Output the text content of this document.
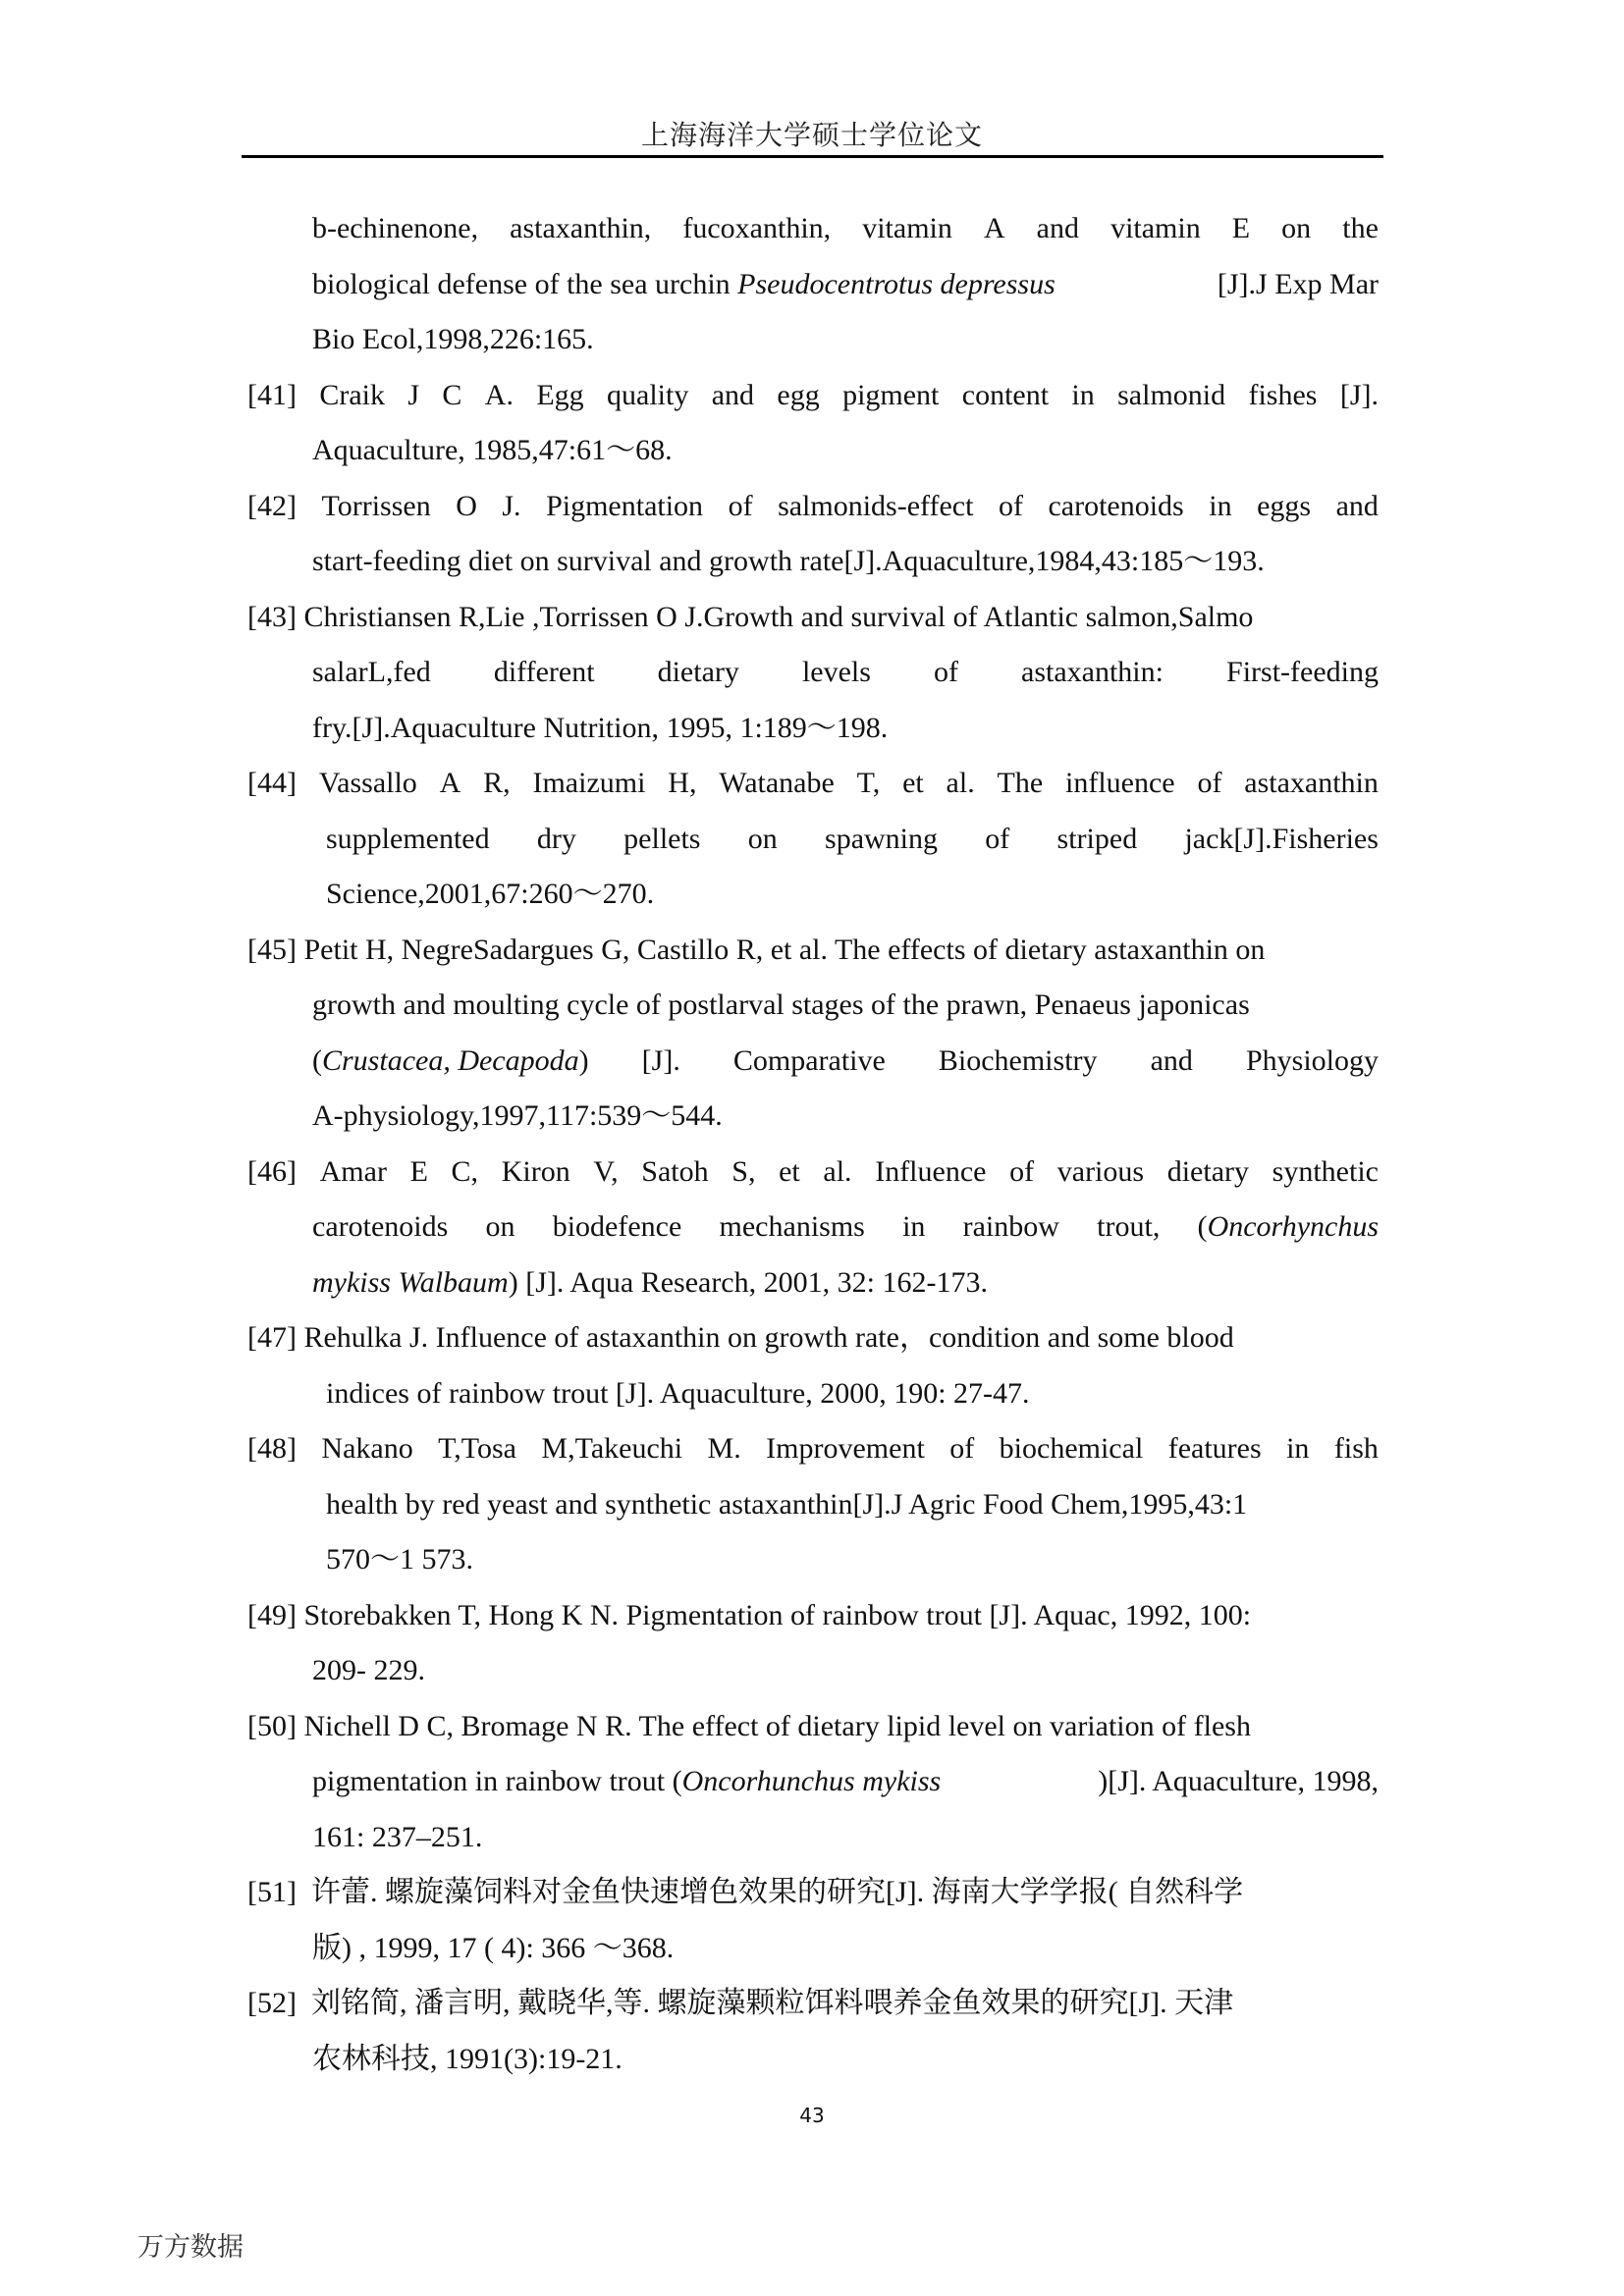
上海海洋大学硕士学位论文
b-echinenone, astaxanthin, fucoxanthin, vitamin A and vitamin E on the
biological defense of the sea urchin Pseudocentrotus depressus	[J].J Exp Mar
Bio Ecol,1998,226:165.
[41] Craik J C A. Egg quality and egg pigment content in salmonid fishes [J].
Aquaculture, 1985,47:61～68.
[42] Torrissen O J. Pigmentation of salmonids-effect of carotenoids in eggs and
start-feeding diet on survival and growth rate[J].Aquaculture,1984,43:185～193.
[43] Christiansen R,Lie ,Torrissen O J.Growth and survival of Atlantic salmon,Salmo
salarL,fed different dietary levels of astaxanthin: First-feeding
fry.[J].Aquaculture Nutrition, 1995, 1:189～198.
[44] Vassallo A R, Imaizumi H, Watanabe T, et al. The influence of astaxanthin
supplemented dry pellets on spawning of striped jack[J].Fisheries
Science,2001,67:260～270.
[45] Petit H, NegreSadargues G, Castillo R, et al. The effects of dietary astaxanthin on
growth and moulting cycle of postlarval stages of the prawn, Penaeus japonicas
(Crustacea, Decapoda ) [J]. Comparative Biochemistry and Physiology
A-physiology,1997,117:539～544.
[46] Amar E C, Kiron V, Satoh S, et al. Influence of various dietary synthetic
carotenoids on biodefence mechanisms in rainbow trout, ( Oncorhynchus
mykiss Walbaum) [J]. Aqua Research, 2001, 32: 162-173.
[47] Rehulka J. Influence of astaxanthin on growth rate，condition and some blood
indices of rainbow trout [J]. Aquaculture, 2000, 190: 27-47.
[48] Nakano T,Tosa M,Takeuchi M. Improvement of biochemical features in fish
health by red yeast and synthetic astaxanthin[J].J Agric Food Chem,1995,43:1
570～1 573.
[49] Storebakken T, Hong K N. Pigmentation of rainbow trout [J]. Aquac, 1992, 100:
209- 229.
[50] Nichell D C, Bromage N R. The effect of dietary lipid level on variation of flesh
pigmentation in rainbow trout (Oncorhunchus mykiss	)[J]. Aquaculture, 1998,
161: 237–251.
[51] 许蕾. 螺旋藻饲料对金鱼快速增色效果的研究[J]. 海南大学学报( 自然科学
版) , 1999, 17 ( 4): 366 ～368.
[52] 刘铭简, 潘言明, 戴晓华,等. 螺旋藻颗粒饵料喂养金鱼效果的研究[J]. 天津
农林科技, 1991(3):19-21.
43
万方数据
